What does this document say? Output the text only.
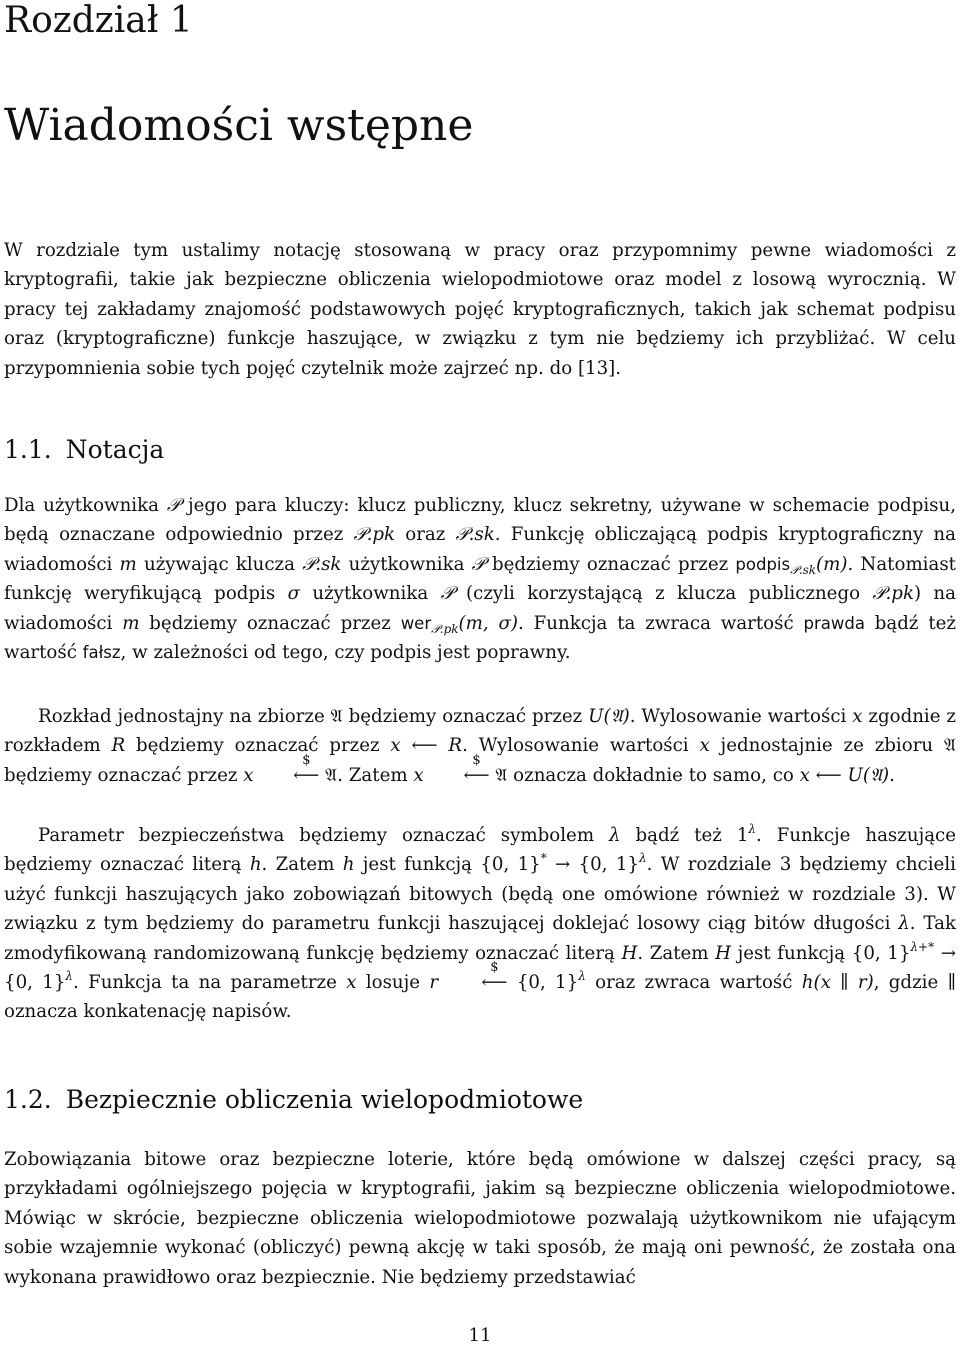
Rozdział 1
Wiadomości wstępne

W rozdziale tym ustalimy notację stosowaną w pracy oraz przypomnimy pewne wiadomości z kryptografii, takie jak bezpieczne obliczenia wielopodmiotowe oraz model z losową wyrocznią. W pracy tej zakładamy znajomość podstawowych pojęć kryptograficznych, takich jak schemat podpisu oraz (kryptograficzne) funkcje haszujące, w związku z tym nie będziemy ich przybliżać. W celu przypomnienia sobie tych pojęć czytelnik może zajrzeć np. do [13].

1.1. Notacja

Dla użytkownika 𝒫 jego para kluczy: klucz publiczny, klucz sekretny, używane w schemacie podpisu, będą oznaczane odpowiednio przez 𝒫.pk oraz 𝒫.sk. Funkcję obliczającą podpis kryptograficzny na wiadomości m używając klucza 𝒫.sk użytkownika 𝒫 będziemy oznaczać przez podpis$_{𝒫.sk}$(m). Natomiast funkcję weryfikującą podpis σ użytkownika 𝒫 (czyli korzystającą z klucza publicznego 𝒫.pk) na wiadomości m będziemy oznaczać przez wer$_{𝒫.pk}$(m, σ). Funkcja ta zwraca wartość prawda bądź też wartość fałsz, w zależności od tego, czy podpis jest poprawny.

Rozkład jednostajny na zbiorze 𝔄 będziemy oznaczać przez U(𝔄). Wylosowanie wartości x zgodnie z rozkładem R będziemy oznaczać przez x ⟵ R. Wylosowanie wartości x jednostajnie ze zbioru 𝔄 będziemy oznaczać przez x
$
⟵ 𝔄. Zatem x
$
⟵ 𝔄 oznacza dokładnie to samo, co x ⟵ U(𝔄).

Parametr bezpieczeństwa będziemy oznaczać symbolem λ bądź też $1^\lambda$. Funkcje haszujące będziemy oznaczać literą h. Zatem h jest funkcją {0, 1}* → {0, 1}$^\lambda$. W rozdziale 3 będziemy chcieli użyć funkcji haszujących jako zobowiązań bitowych (będą one omówione również w rozdziale 3). W związku z tym będziemy do parametru funkcji haszującej doklejać losowy ciąg bitów długości λ. Tak zmodyfikowaną randomizowaną funkcję będziemy oznaczać literą H. Zatem H jest funkcją {0, 1}$^{\lambda+*}$ → {0, 1}$^\lambda$. Funkcja ta na parametrze x losuje r
$
⟵ {0, 1}$^\lambda$ oraz zwraca wartość h(x ∥ r), gdzie ∥ oznacza konkatenację napisów.

1.2. Bezpiecznie obliczenia wielopodmiotowe

Zobowiązania bitowe oraz bezpieczne loterie, które będą omówione w dalszej części pracy, są przykładami ogólniejszego pojęcia w kryptografii, jakim są bezpieczne obliczenia wielopodmiotowe. Mówiąc w skrócie, bezpieczne obliczenia wielopodmiotowe pozwalają użytkownikom nie ufającym sobie wzajemnie wykonać (obliczyć) pewną akcję w taki sposób, że mają oni pewność, że została ona wykonana prawidłowo oraz bezpiecznie. Nie będziemy przedstawiać

11
